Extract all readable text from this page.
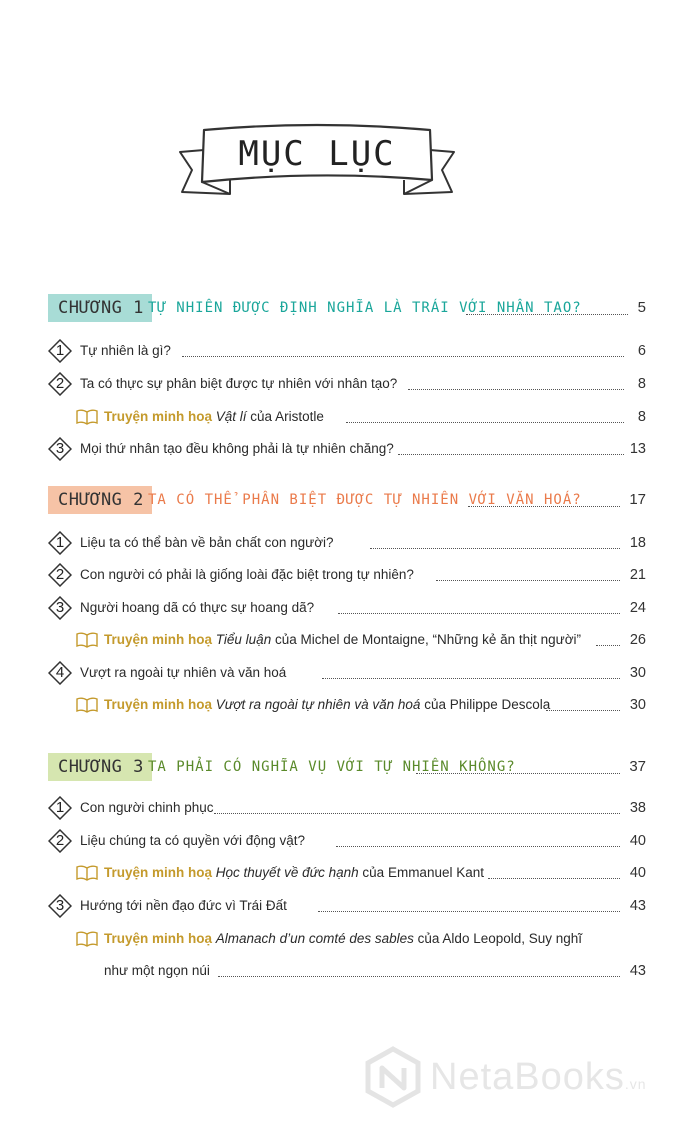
MỤC LỤC
CHƯƠNG 1 TỰ NHIÊN ĐƯỢC ĐỊNH NGHĨA LÀ TRÁI VỚI NHÂN TẠO?	5
1	Tự nhiên là gì?	6
2	Ta có thực sự phân biệt được tự nhiên với nhân tạo?	8
Truyện minh hoạ Vật lí của Aristotle	8
3	Mọi thứ nhân tạo đều không phải là tự nhiên chăng?	13
CHƯƠNG 2 TA CÓ THỂ PHÂN BIỆT ĐƯỢC TỰ NHIÊN VỚI VĂN HOÁ?	17
1	Liệu ta có thể bàn về bản chất con người?	18
2	Con người có phải là giống loài đặc biệt trong tự nhiên?	21
3	Người hoang dã có thực sự hoang dã?	24
Truyện minh hoạ Tiểu luận của Michel de Montaigne, “Những kẻ ăn thịt người”	26
4	Vượt ra ngoài tự nhiên và văn hoá	30
Truyện minh hoạ Vượt ra ngoài tự nhiên và văn hoá của Philippe Descola	30
CHƯƠNG 3 TA PHẢI CÓ NGHĨA VỤ VỚI TỰ NHIÊN KHÔNG?	37
1	Con người chinh phục	38
2	Liệu chúng ta có quyền với động vật?	40
Truyện minh hoạ Học thuyết về đức hạnh của Emmanuel Kant	40
3	Hướng tới nền đạo đức vì Trái Đất	43
Truyện minh hoạ Almanach d’un comté des sables của Aldo Leopold, Suy nghĩ
như một ngọn núi	43
NetaBooks.vn
